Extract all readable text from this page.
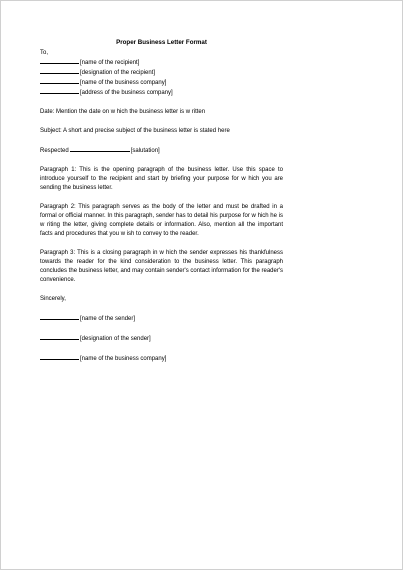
Proper Business Letter Format
To,
[name of the recipient]
[designation of the recipient]
[name of the business company]
[address of the business company]
Date: Mention the date on w hich the business letter is w ritten
Subject: A short and precise subject of the business letter is stated here
Respected	[salutation]
Paragraph 1: This is the opening paragraph of the business letter. Use this space to introduce yourself to the recipient and start by briefing your purpose for w hich you are sending the business letter.
Paragraph 2: This paragraph serves as the body of the letter and must be drafted in a formal or official manner. In this paragraph, sender has to detail his purpose for w hich he is w riting the letter, giving complete details or information. Also, mention all the important facts and procedures that you w ish to convey to the reader.
Paragraph 3: This is a closing paragraph in w hich the sender expresses his thankfulness towards the reader for the kind consideration to the business letter. This paragraph concludes the business letter, and may contain sender's contact information for the reader's convenience.
Sincerely,
[name of the sender]
[designation of the sender]
[name of the business company]
